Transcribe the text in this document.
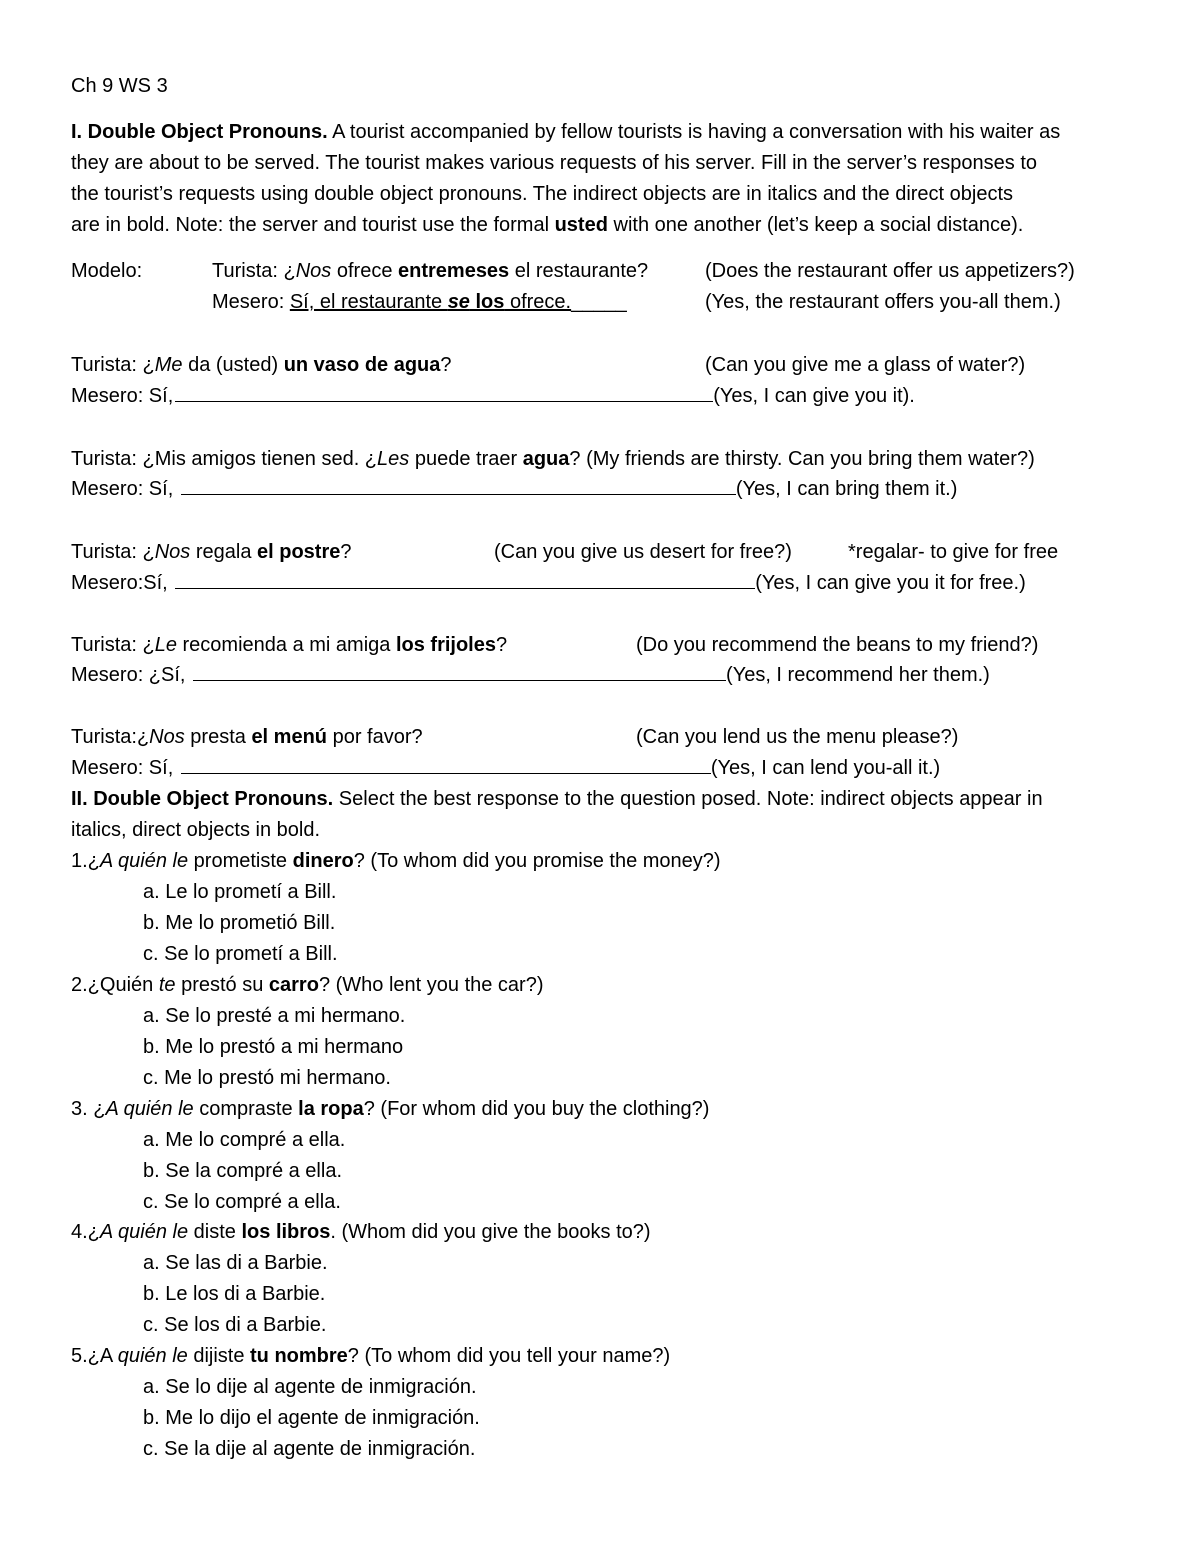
Ch 9 WS 3
I. Double Object Pronouns. A tourist accompanied by fellow tourists is having a conversation with his waiter as
they are about to be served. The tourist makes various requests of his server. Fill in the server’s responses to
the tourist’s requests using double object pronouns. The indirect objects are in italics and the direct objects
are in bold. Note: the server and tourist use the formal usted with one another (let’s keep a social distance).
Modelo:	Turista: ¿Nos ofrece entremeses el restaurante?	(Does the restaurant offer us appetizers?)
Mesero: Sí, el restaurante se los ofrece._____	(Yes, the restaurant offers you-all them.)
Turista: ¿Me da (usted) un vaso de agua?	(Can you give me a glass of water?)
Mesero: Sí,	(Yes, I can give you it).
Turista: ¿Mis amigos tienen sed. ¿Les puede traer agua? (My friends are thirsty. Can you bring them water?)
Mesero: Sí,	(Yes, I can bring them it.)
Turista: ¿Nos regala el postre?	(Can you give us desert for free?)	*regalar- to give for free
Mesero:Sí,	(Yes, I can give you it for free.)
Turista: ¿Le recomienda a mi amiga los frijoles?	(Do you recommend the beans to my friend?)
Mesero: ¿Sí,	(Yes, I recommend her them.)
Turista:¿Nos presta el menú por favor?	(Can you lend us the menu please?)
Mesero: Sí,	(Yes, I can lend you-all it.)
II. Double Object Pronouns. Select the best response to the question posed. Note: indirect objects appear in
italics, direct objects in bold.
1.¿A quién le prometiste dinero? (To whom did you promise the money?)
a. Le lo prometí a Bill.
b. Me lo prometió Bill.
c. Se lo prometí a Bill.
2.¿Quién te prestó su carro? (Who lent you the car?)
a. Se lo presté a mi hermano.
b. Me lo prestó a mi hermano
c. Me lo prestó mi hermano.
3. ¿A quién le compraste la ropa? (For whom did you buy the clothing?)
a. Me lo compré a ella.
b. Se la compré a ella.
c. Se lo compré a ella.
4.¿A quién le diste los libros. (Whom did you give the books to?)
a. Se las di a Barbie.
b. Le los di a Barbie.
c. Se los di a Barbie.
5.¿A quién le dijiste tu nombre? (To whom did you tell your name?)
a. Se lo dije al agente de inmigración.
b. Me lo dijo el agente de inmigración.
c. Se la dije al agente de inmigración.
